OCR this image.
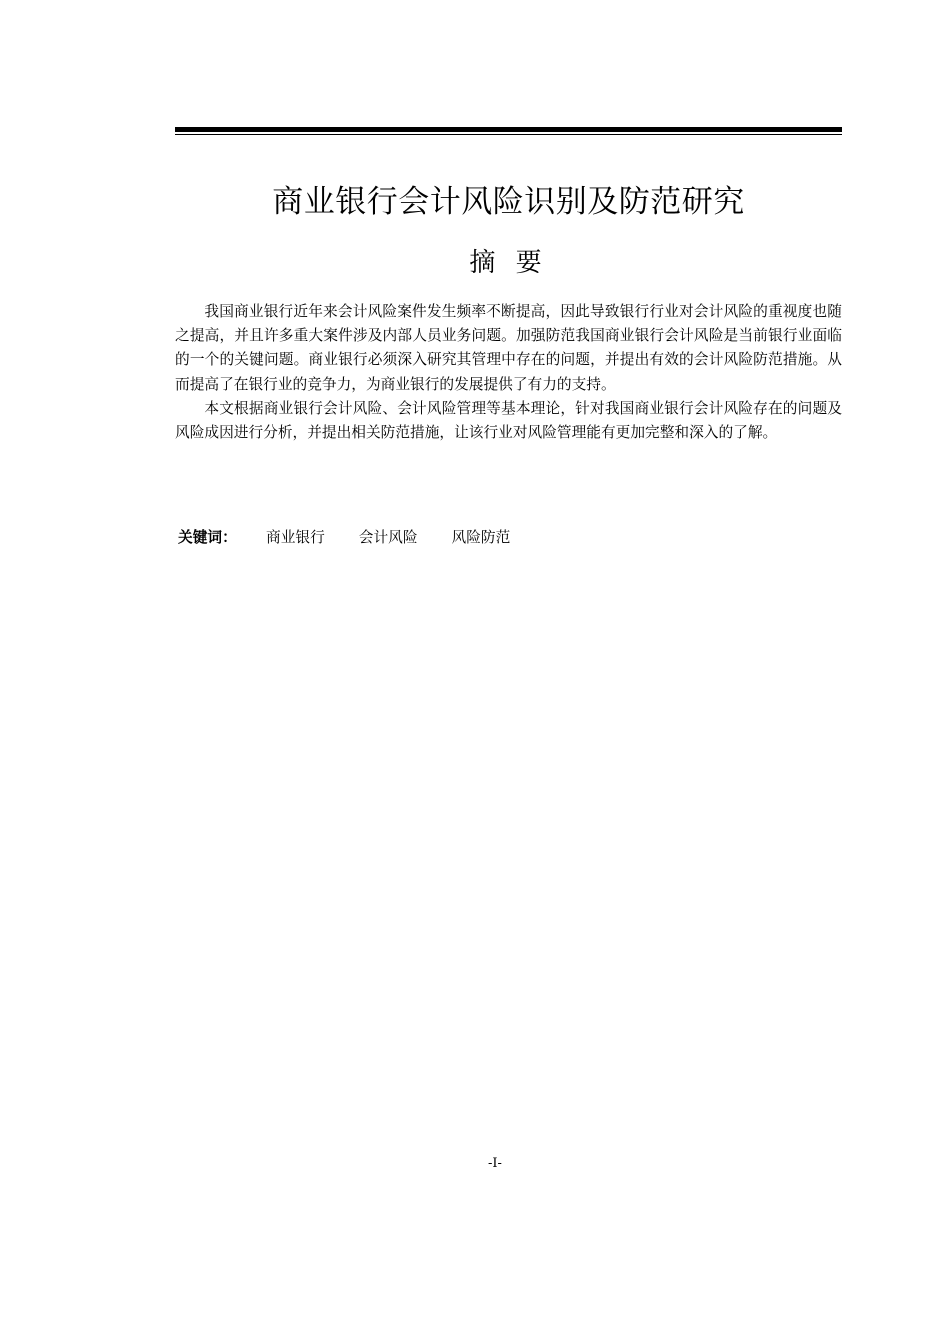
商业银行会计风险识别及防范研究
摘 要

我国商业银行近年来会计风险案件发生频率不断提高，因此导致银行行业对会计风险的重视度也随之提高，并且许多重大案件涉及内部人员业务问题。加强防范我国商业银行会计风险是当前银行业面临的一个的关键问题。商业银行必须深入研究其管理中存在的问题，并提出有效的会计风险防范措施。从而提高了在银行业的竞争力，为商业银行的发展提供了有力的支持。

本文根据商业银行会计风险、会计风险管理等基本理论，针对我国商业银行会计风险存在的问题及风险成因进行分析，并提出相关防范措施，让该行业对风险管理能有更加完整和深入的了解。

关键词： 商业银行 会计风险 风险防范
-I-
